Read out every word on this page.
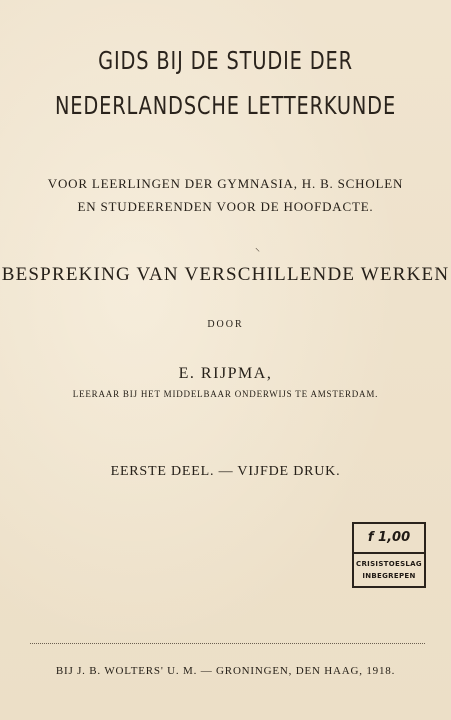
GIDS BIJ DE STUDIE DER
NEDERLANDSCHE LETTERKUNDE
VOOR LEERLINGEN DER GYMNASIA, H. B. SCHOLEN
EN STUDEERENDEN VOOR DE HOOFDACTE.
⸌
BESPREKING VAN VERSCHILLENDE WERKEN
DOOR
E. RIJPMA,
LEERAAR BIJ HET MIDDELBAAR ONDERWIJS TE AMSTERDAM.
EERSTE DEEL. — VIJFDE DRUK.
f 1,00
CRISISTOESLAG
INBEGREPEN
BIJ J. B. WOLTERS' U. M. — GRONINGEN, DEN HAAG, 1918.
